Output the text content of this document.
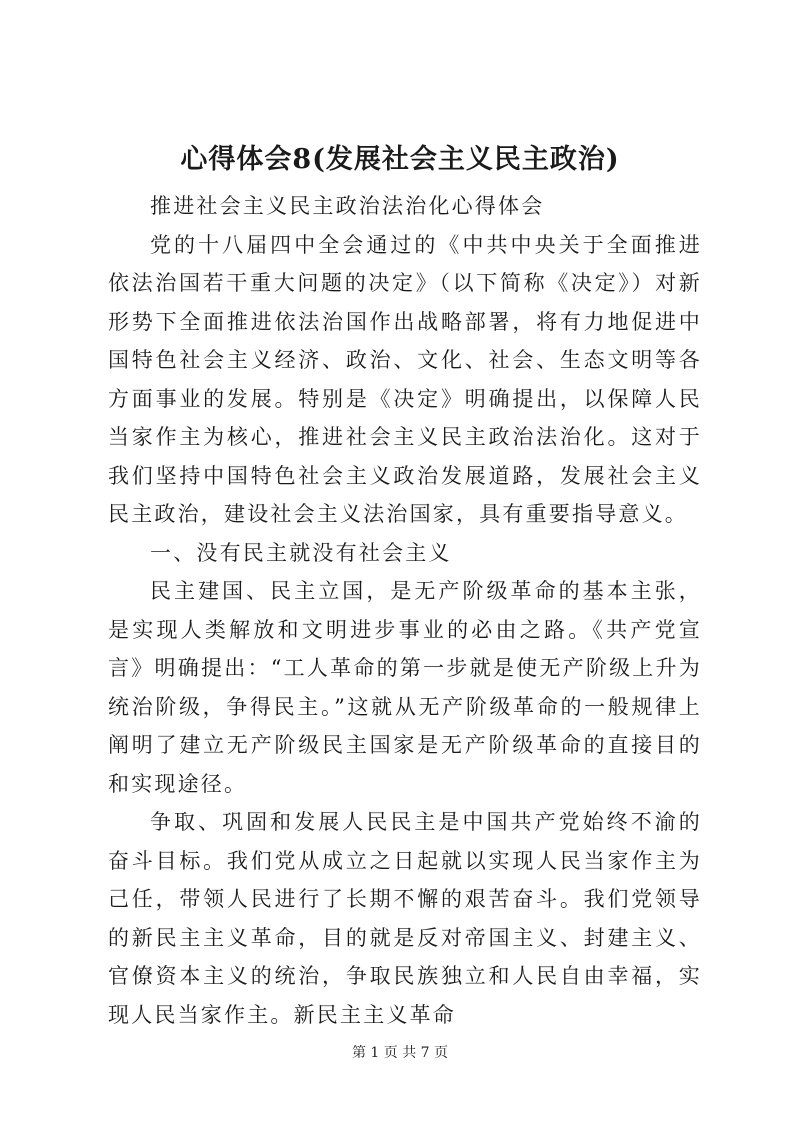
心得体会8(发展社会主义民主政治)

推进社会主义民主政治法治化心得体会

党的十八届四中全会通过的《中共中央关于全面推进依法治国若干重大问题的决定》（以下简称《决定》）对新形势下全面推进依法治国作出战略部署，将有力地促进中国特色社会主义经济、政治、文化、社会、生态文明等各方面事业的发展。特别是《决定》明确提出，以保障人民当家作主为核心，推进社会主义民主政治法治化。这对于我们坚持中国特色社会主义政治发展道路，发展社会主义民主政治，建设社会主义法治国家，具有重要指导意义。

一、没有民主就没有社会主义

民主建国、民主立国，是无产阶级革命的基本主张，是实现人类解放和文明进步事业的必由之路。《共产党宣言》明确提出：“工人革命的第一步就是使无产阶级上升为统治阶级，争得民主。”这就从无产阶级革命的一般规律上阐明了建立无产阶级民主国家是无产阶级革命的直接目的和实现途径。

争取、巩固和发展人民民主是中国共产党始终不渝的奋斗目标。我们党从成立之日起就以实现人民当家作主为己任，带领人民进行了长期不懈的艰苦奋斗。我们党领导的新民主主义革命，目的就是反对帝国主义、封建主义、官僚资本主义的统治，争取民族独立和人民自由幸福，实现人民当家作主。新民主主义革命

第 1 页 共 7 页
